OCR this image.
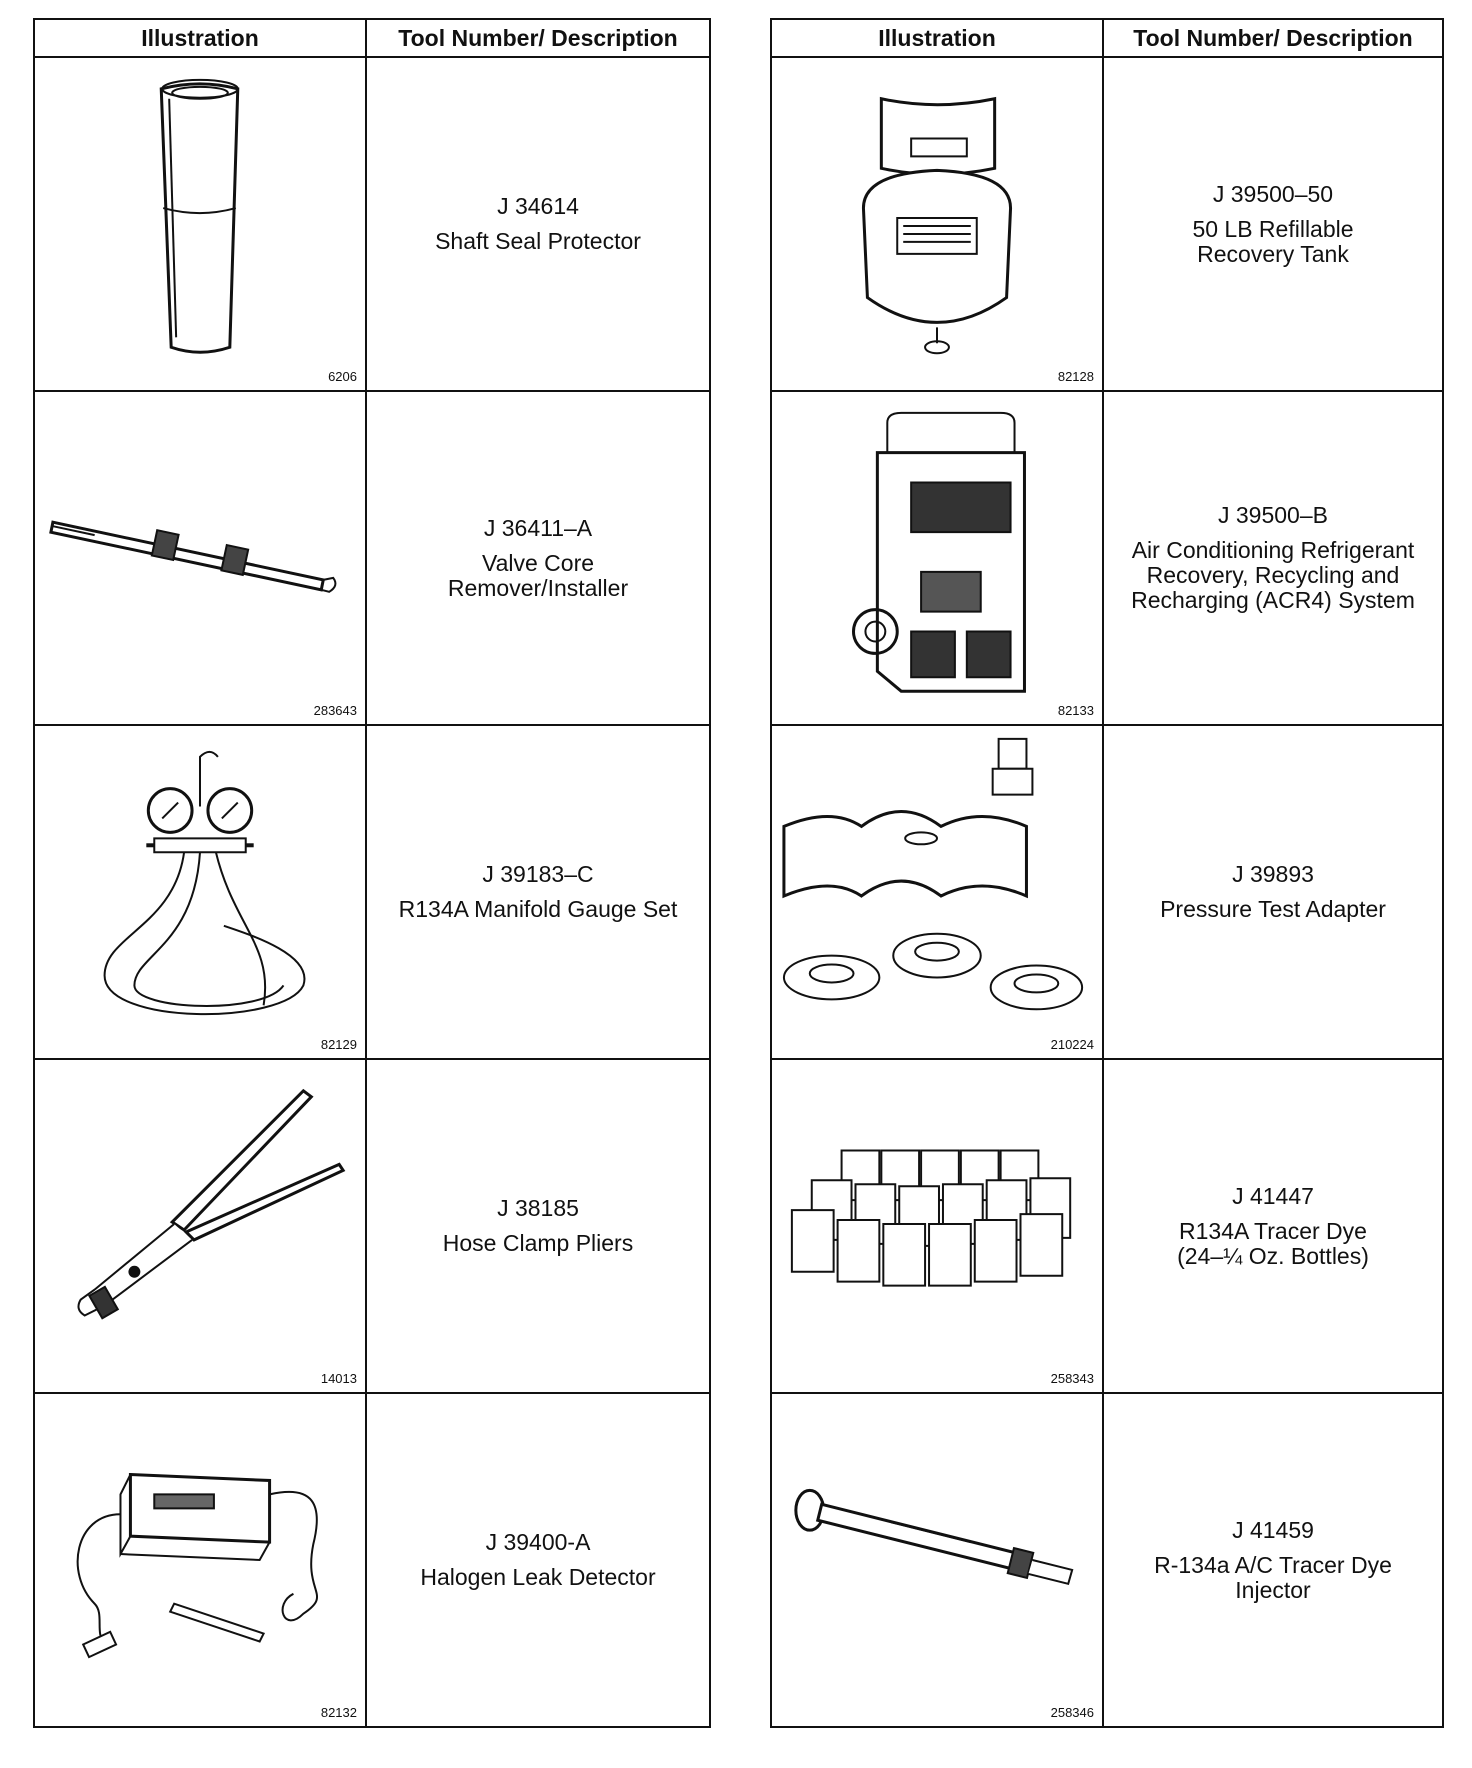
Illustration	Tool Number/ Description

6206	J 34614
Shaft Seal Protector

283643	J 36411–A
Valve Core
Remover/Installer

82129	J 39183–C
R134A Manifold Gauge Set

14013	J 38185
Hose Clamp Pliers

82132	J 39400-A
Halogen Leak Detector
Illustration	Tool Number/ Description

82128	J 39500–50
50 LB Refillable
Recovery Tank

82133	J 39500–B
Air Conditioning Refrigerant
Recovery, Recycling and
Recharging (ACR4) System

210224	J 39893
Pressure Test Adapter

258343	J 41447
R134A Tracer Dye
(24–¼ Oz. Bottles)

258346	J 41459
R-134a A/C Tracer Dye
Injector
